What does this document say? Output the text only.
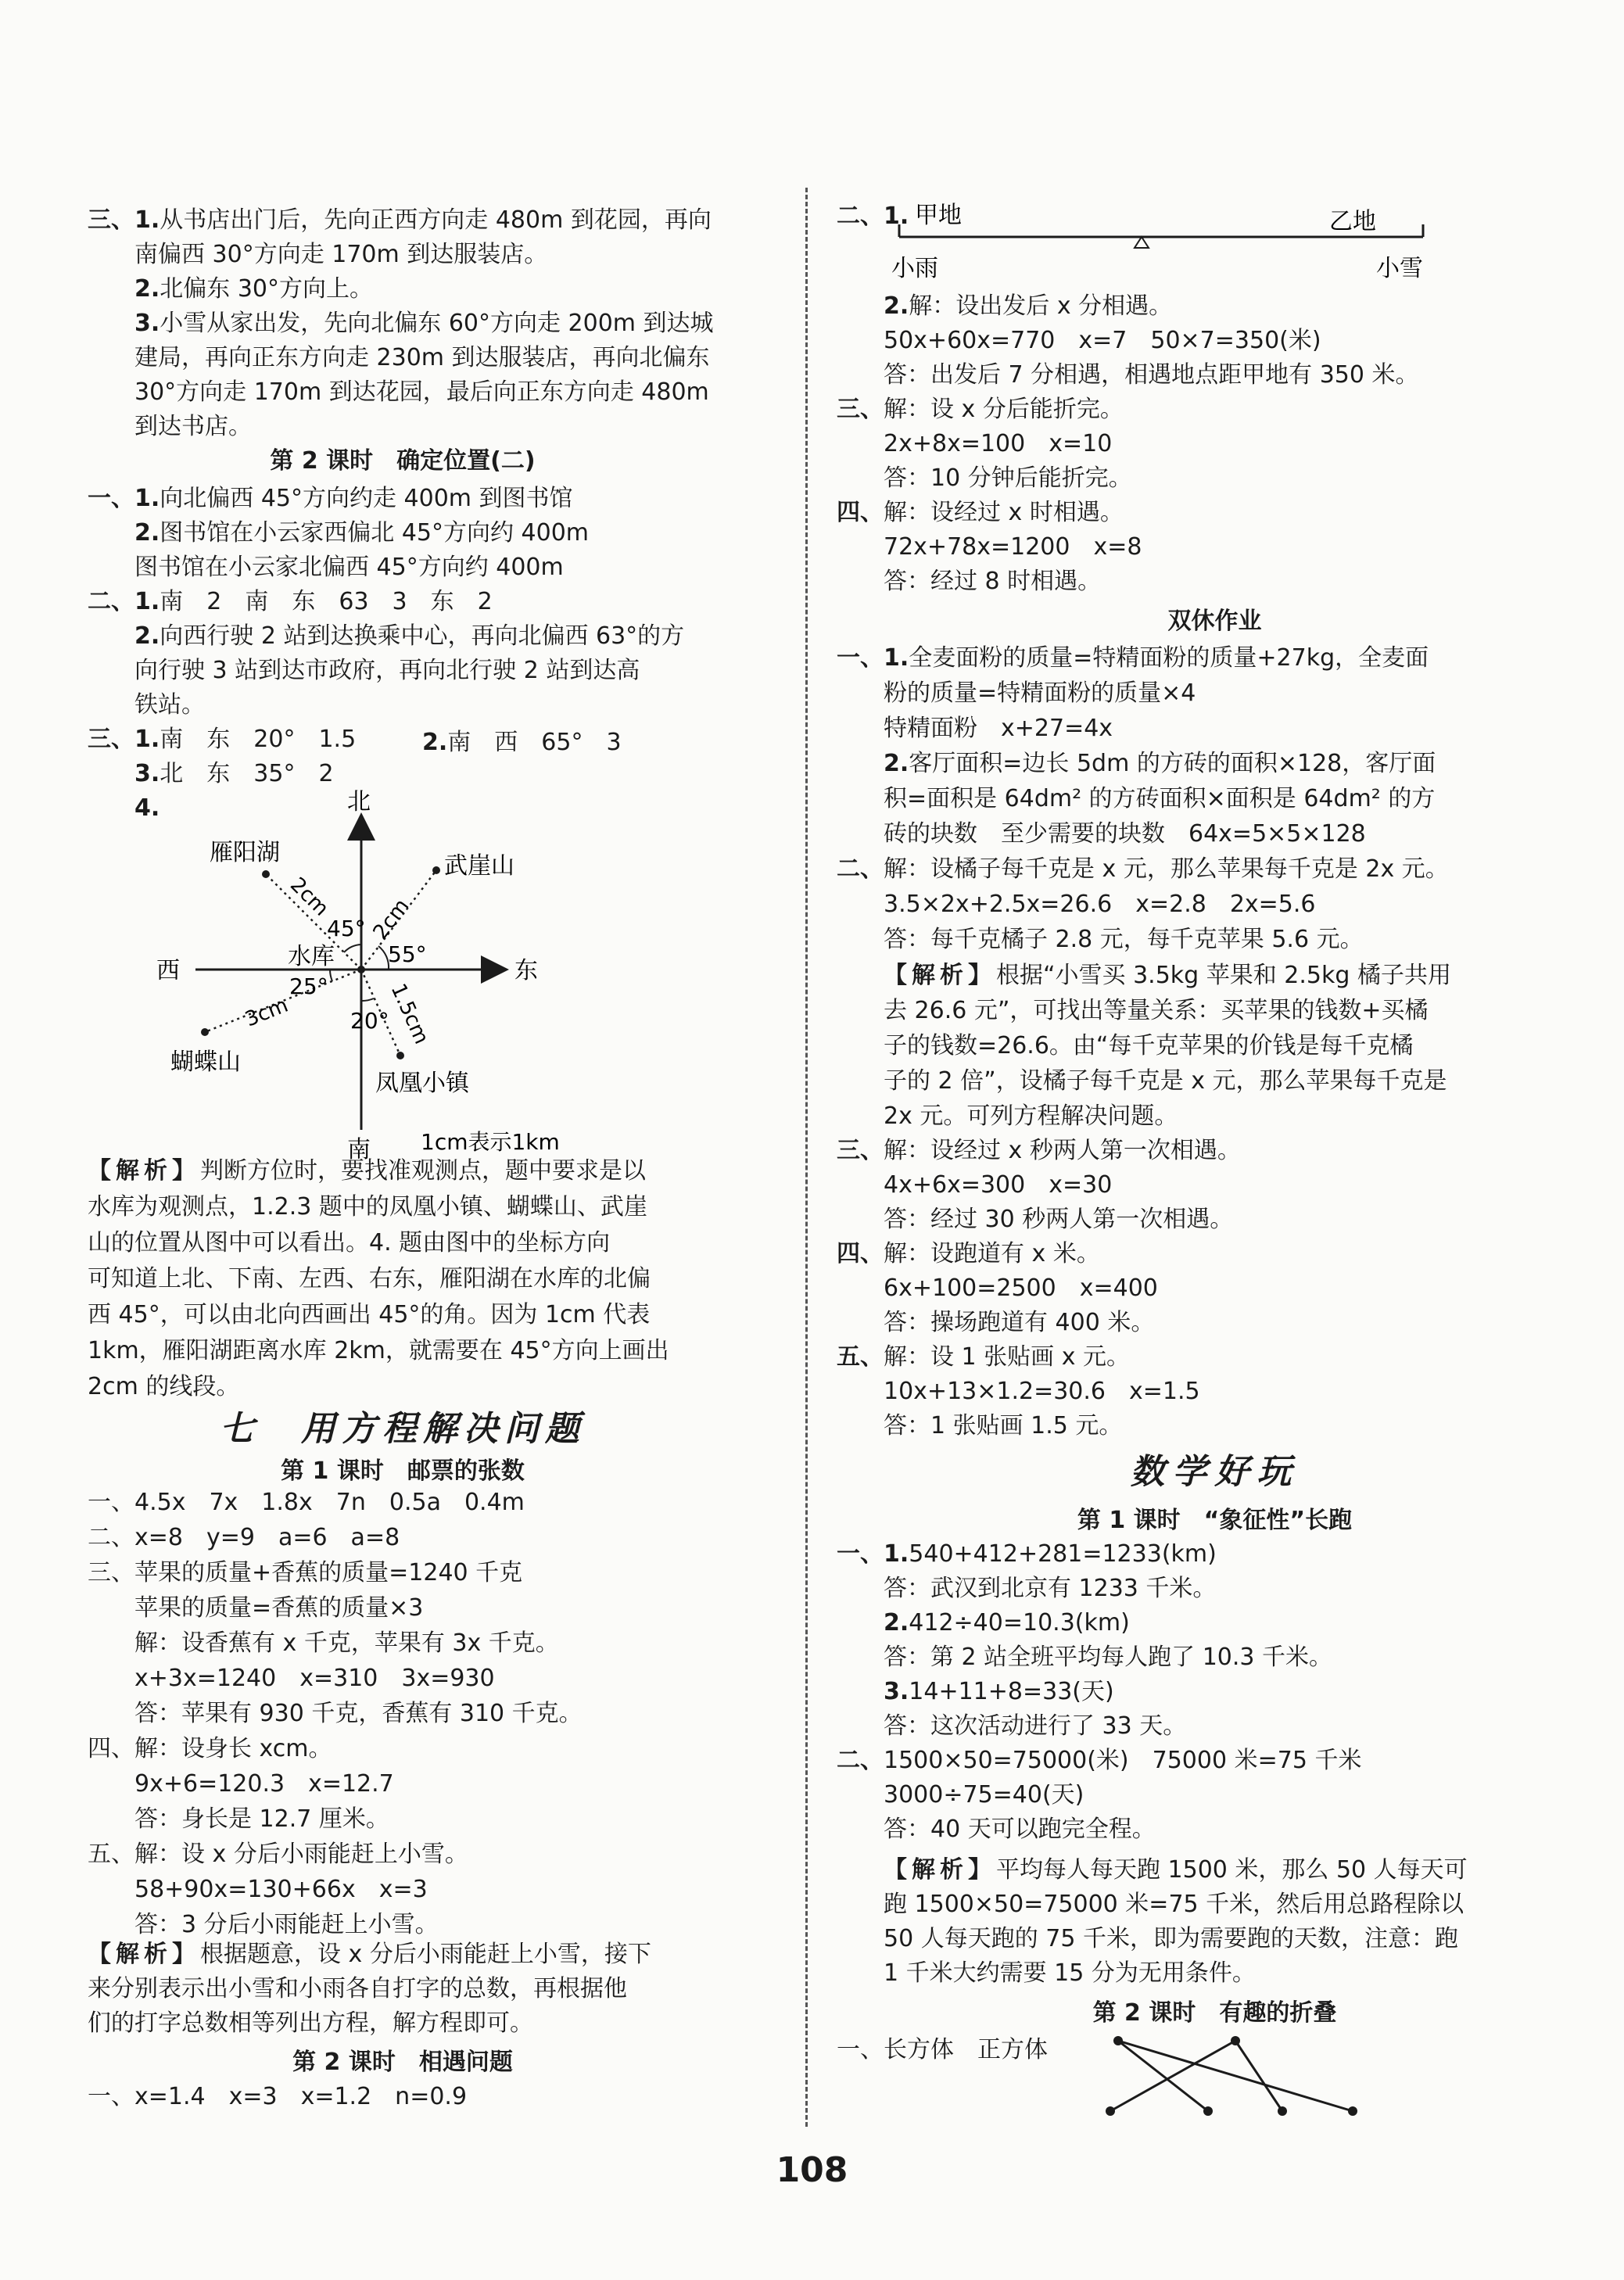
三、1.从书店出门后，先向正西方向走 480m 到花园，再向
南偏西 30°方向走 170m 到达服装店。
2.北偏东 30°方向上。
3.小雪从家出发，先向北偏东 60°方向走 200m 到达城
建局，再向正东方向走 230m 到达服装店，再向北偏东
30°方向走 170m 到达花园，最后向正东方向走 480m
到达书店。
第 2 课时　确定位置(二)
一、1.向北偏西 45°方向约走 400m 到图书馆
2.图书馆在小云家西偏北 45°方向约 400m
图书馆在小云家北偏西 45°方向约 400m
二、1.南　2　南　东　63　3　东　2
2.向西行驶 2 站到达换乘中心，再向北偏西 63°的方
向行驶 3 站到达市政府，再向北行驶 2 站到达高
铁站。
三、1.南　东　20°　1.5　
3.北　东　35°　2
4.
2.南　西　65°　3
北
南
西	东
水库
雁阳湖	武崖山
蝴蝶山
凤凰小镇
2cm 2cm
3cm	1.5cm
45°
55°
25°
20°
1cm表示1km
【解析】判断方位时，要找准观测点，题中要求是以
水库为观测点，1.2.3 题中的凤凰小镇、蝴蝶山、武崖
山的位置从图中可以看出。4. 题由图中的坐标方向
可知道上北、下南、左西、右东，雁阳湖在水库的北偏
西 45°，可以由北向西画出 45°的角。因为 1cm 代表
1km，雁阳湖距离水库 2km，就需要在 45°方向上画出
2cm 的线段。
七　用方程解决问题
第 1 课时　邮票的张数
一、4.5x　7x　1.8x　7n　0.5a　0.4m
二、x=8　y=9　a=6　a=8
三、苹果的质量+香蕉的质量=1240 千克
　　苹果的质量=香蕉的质量×3
　　解：设香蕉有 x 千克，苹果有 3x 千克。
　　x+3x=1240　x=310　3x=930
　　答：苹果有 930 千克，香蕉有 310 千克。
四、解：设身长 xcm。
　　9x+6=120.3　x=12.7
　　答：身长是 12.7 厘米。
五、解：设 x 分后小雨能赶上小雪。
　　58+90x=130+66x　x=3
　　答：3 分后小雨能赶上小雪。
【解析】根据题意，设 x 分后小雨能赶上小雪，接下
来分别表示出小雪和小雨各自打字的总数，再根据他
们的打字总数相等列出方程，解方程即可。
第 2 课时　相遇问题
一、x=1.4　x=3　x=1.2　n=0.9
二、1. 甲地	乙地
小雨	小雪
2.解：设出发后 x 分相遇。
50x+60x=770　x=7　50×7=350(米)
答：出发后 7 分相遇，相遇地点距甲地有 350 米。
三、解：设 x 分后能折完。
2x+8x=100　x=10
答：10 分钟后能折完。
四、解：设经过 x 时相遇。
72x+78x=1200　x=8
答：经过 8 时相遇。
双休作业
一、1.全麦面粉的质量=特精面粉的质量+27kg，全麦面
粉的质量=特精面粉的质量×4
特精面粉　x+27=4x
2.客厅面积=边长 5dm 的方砖的面积×128，客厅面
积=面积是 64dm² 的方砖面积×面积是 64dm² 的方
砖的块数　至少需要的块数　64x=5×5×128
二、解：设橘子每千克是 x 元，那么苹果每千克是 2x 元。
3.5×2x+2.5x=26.6　x=2.8　2x=5.6
答：每千克橘子 2.8 元，每千克苹果 5.6 元。
【解析】根据“小雪买 3.5kg 苹果和 2.5kg 橘子共用
去 26.6 元”，可找出等量关系：买苹果的钱数+买橘
子的钱数=26.6。由“每千克苹果的价钱是每千克橘
子的 2 倍”，设橘子每千克是 x 元，那么苹果每千克是
2x 元。可列方程解决问题。
三、解：设经过 x 秒两人第一次相遇。
4x+6x=300　x=30
答：经过 30 秒两人第一次相遇。
四、解：设跑道有 x 米。
6x+100=2500　x=400
答：操场跑道有 400 米。
五、解：设 1 张贴画 x 元。
10x+13×1.2=30.6　x=1.5
答：1 张贴画 1.5 元。
数学好玩
第 1 课时　“象征性”长跑
一、1.540+412+281=1233(km)
答：武汉到北京有 1233 千米。
2.412÷40=10.3(km)
答：第 2 站全班平均每人跑了 10.3 千米。
3.14+11+8=33(天)
答：这次活动进行了 33 天。
二、1500×50=75000(米)　75000 米=75 千米
3000÷75=40(天)
答：40 天可以跑完全程。
【解析】平均每人每天跑 1500 米，那么 50 人每天可
跑 1500×50=75000 米=75 千米，然后用总路程除以
50 人每天跑的 75 千米，即为需要跑的天数，注意：跑
1 千米大约需要 15 分为无用条件。
第 2 课时　有趣的折叠
一、长方体　正方体
108
